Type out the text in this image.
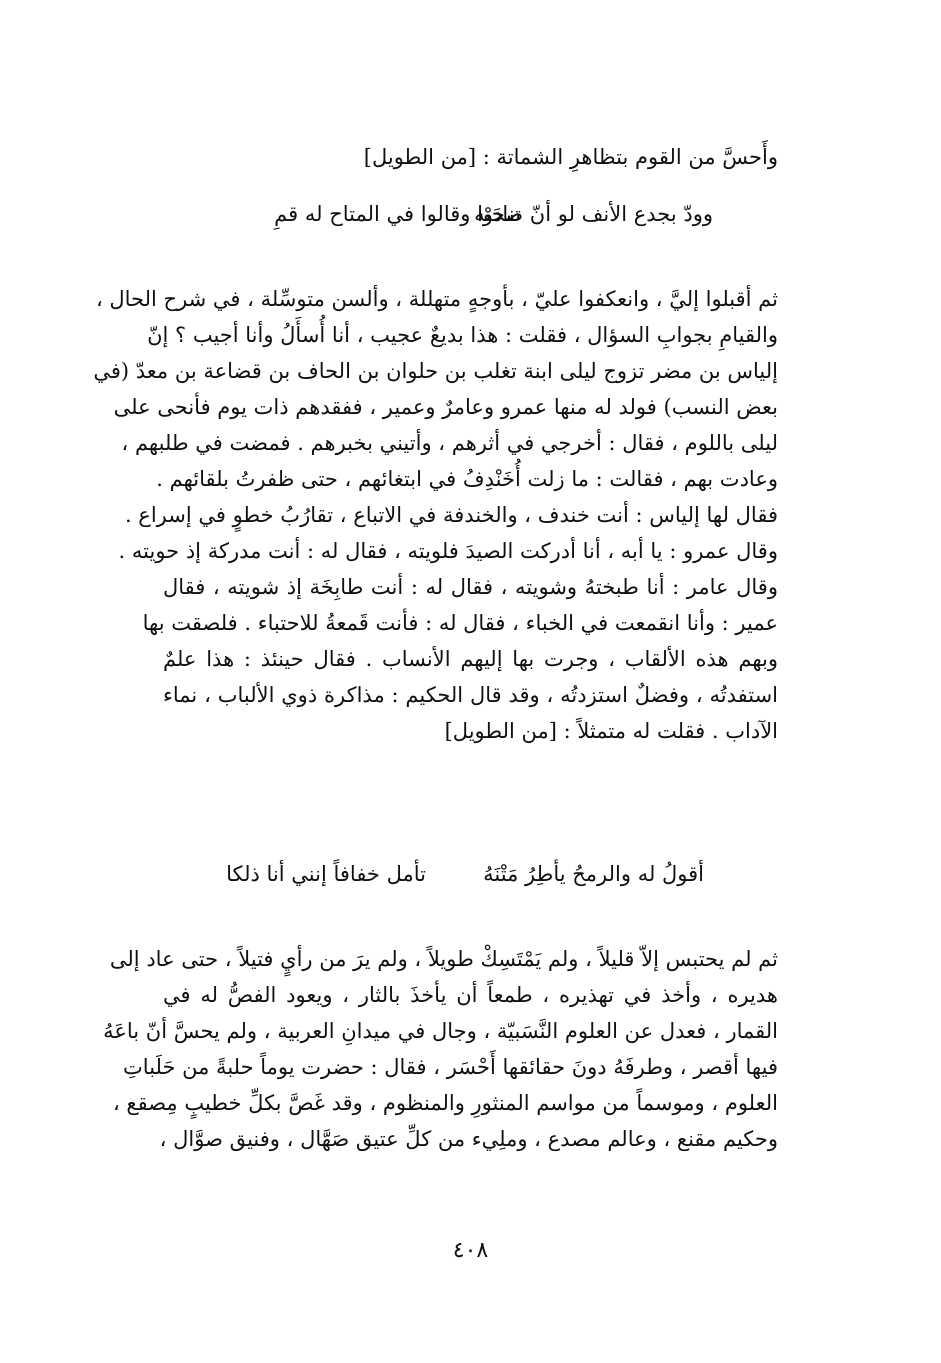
وأَحسَّ من القوم بتظاهرِ الشماتة : [من الطويل]
وودّ بجدع الأنف لو أنّ صحبه
تنادَوْا وقالوا في المتاح له قمِ
ثم أقبلوا إليَّ ، وانعكفوا عليّ ، بأوجهٍ متهللة ، وألسن متوسِّلة ، في شرح الحال ،
والقيامِ بجوابِ السؤال ، فقلت : هذا بديعٌ عجيب ، أنا أُسأَلُ وأنا أجيب ؟ إنّ
إلياس بن مضر تزوج ليلى ابنة تغلب بن حلوان بن الحاف بن قضاعة بن معدّ (في
بعض النسب) فولد له منها عمرو وعامرٌ وعمير ، ففقدهم ذات يوم فأنحى على
ليلى باللوم ، فقال : أخرجي في أثرهم ، وأتيني بخبرهم . فمضت في طلبهم ،
وعادت بهم ، فقالت : ما زلت أُخَنْدِفُ في ابتغائهم ، حتى ظفرتُ بلقائهم .
فقال لها إلياس : أنت خندف ، والخندفة في الاتباع ، تقارُبُ خطوٍ في إسراع .
وقال عمرو : يا أبه ، أنا أدركت الصيدَ فلويته ، فقال له : أنت مدركة إذ حويته .
وقال عامر : أنا طبختهُ وشويته ، فقال له : أنت طابِخَة إذ شويته ، فقال
عمير : وأنا انقمعت في الخباء ، فقال له : فأنت قَمعةُ للاحتباء . فلصقت بها
وبهم هذه الألقاب ، وجرت بها إليهم الأنساب . فقال حينئذ : هذا علمٌ
استفدتُه ، وفضلٌ استزدتُه ، وقد قال الحكيم : مذاكرة ذوي الألباب ، نماء
الآداب . فقلت له متمثلاً : [من الطويل]
أقولُ له والرمحُ يأطِرُ مَتْنَهُ
تأمل خفافاً إنني أنا ذلكا
ثم لم يحتبس إلاّ قليلاً ، ولم يَمْتَسِكْ طويلاً ، ولم يرَ من رأيٍ فتيلاً ، حتى عاد إلى
هديره ، وأخذ في تهذيره ، طمعاً أن يأخذَ بالثار ، ويعود الفصُّ له في
القمار ، فعدل عن العلوم النَّسَبيّة ، وجال في ميدانِ العربية ، ولم يحسَّ أنّ باعَهُ
فيها أقصر ، وطرفَهُ دونَ حقائقها أَحْسَر ، فقال : حضرت يوماً حلبةً من حَلَباتِ
العلوم ، وموسماً من مواسم المنثورِ والمنظوم ، وقد غَصَّ بكلِّ خطيبٍ مِصقع ،
وحكيم مقنع ، وعالم مصدع ، وملِيء من كلِّ عتيق صَهَّال ، وفنيق صوَّال ،
٤٠٨
